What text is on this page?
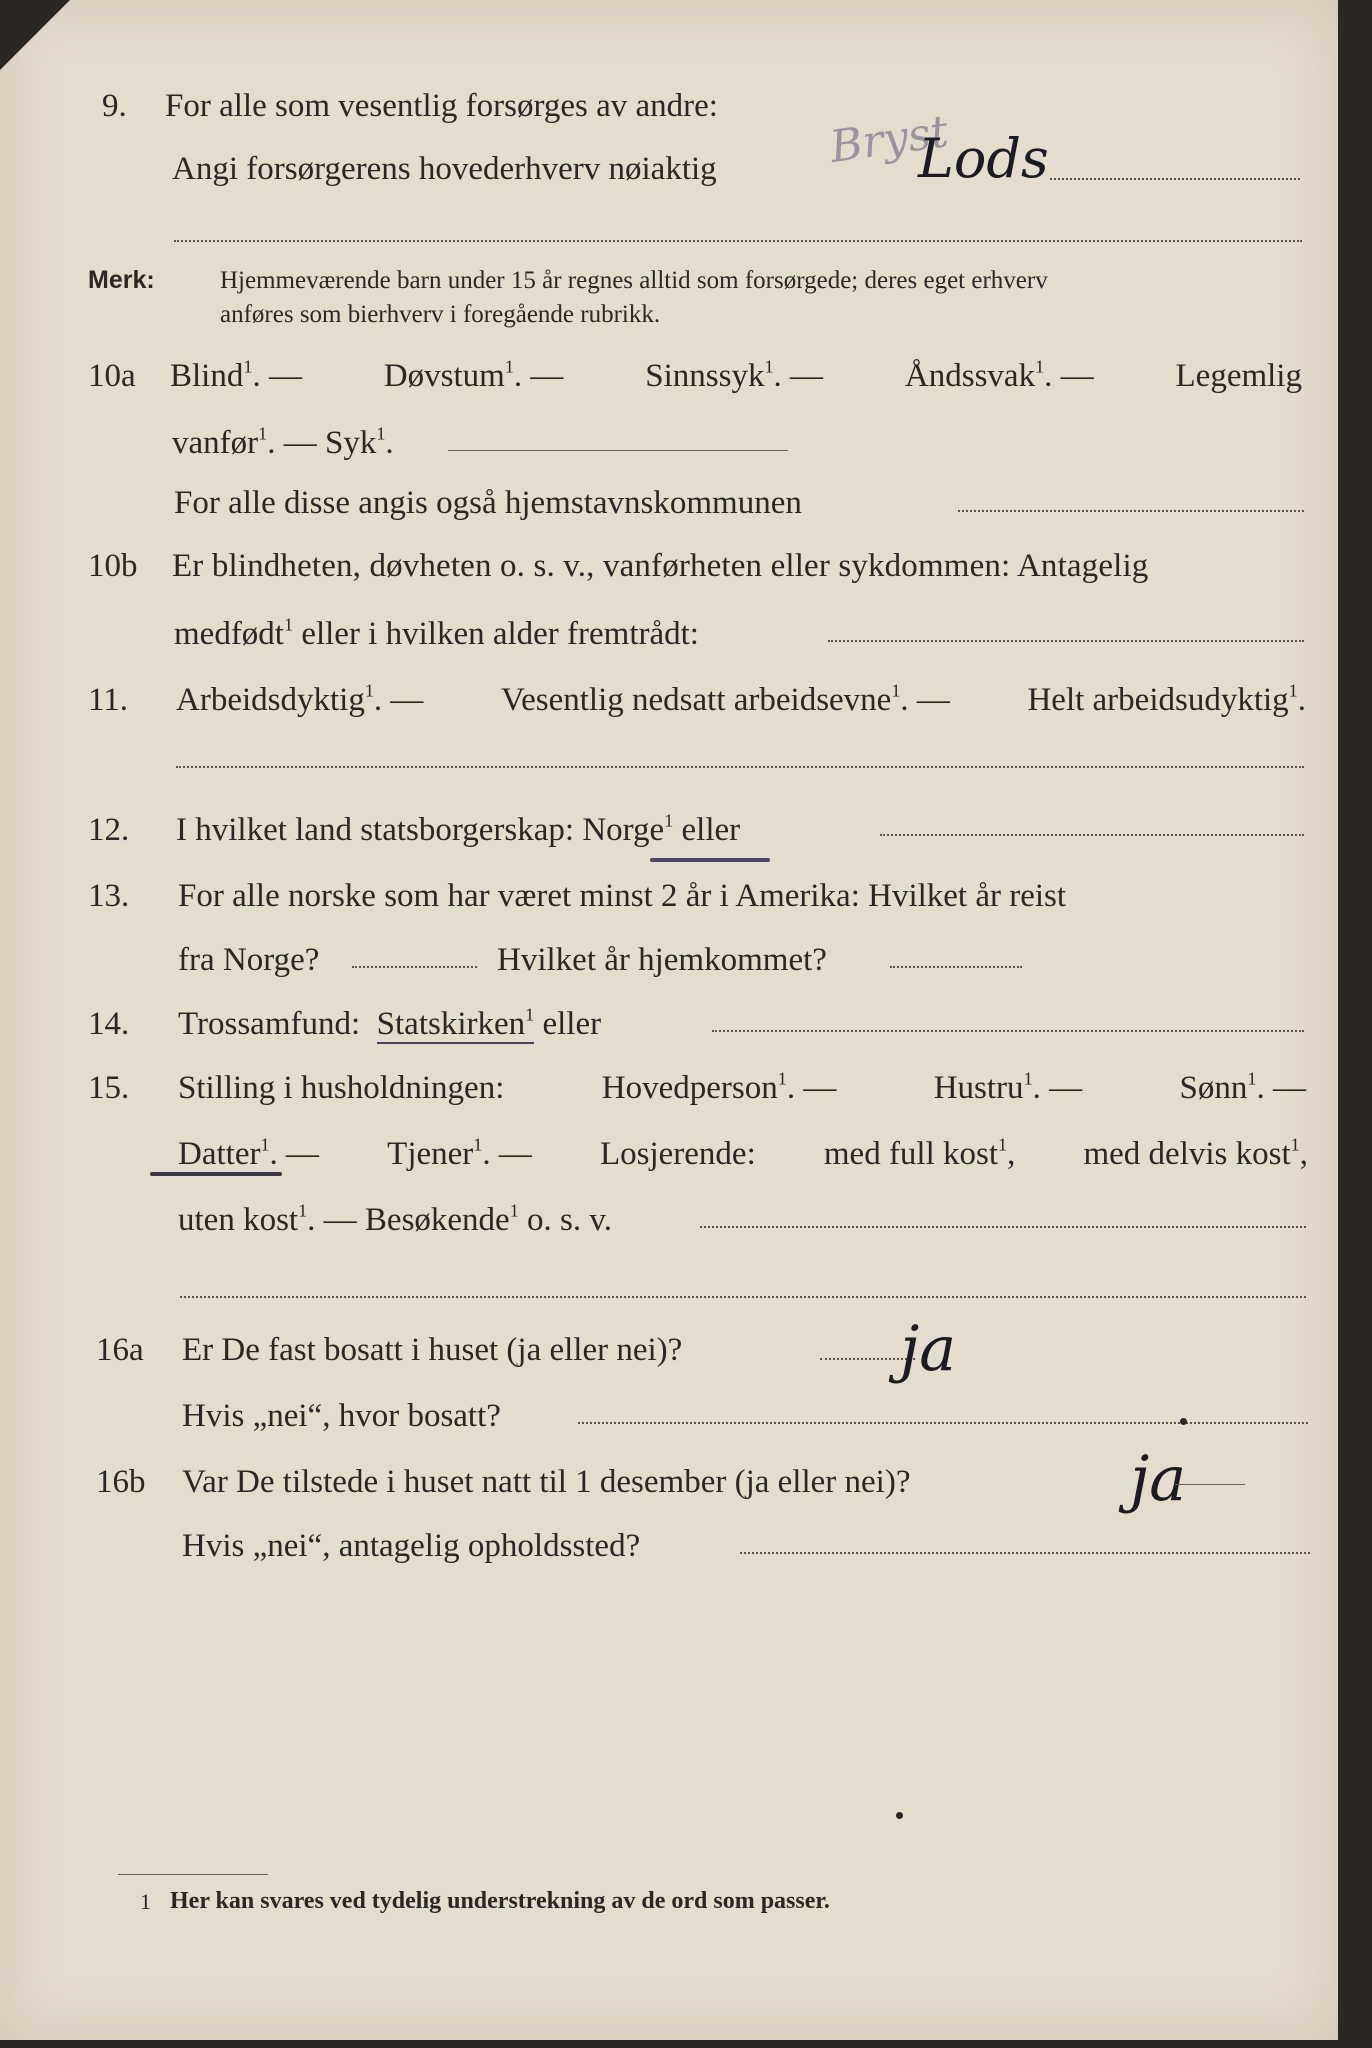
9. For alle som vesentlig forsørges av andre:
Bryst
Angi forsørgerens hovederhverv nøiaktig	Lods
Merk:	Hjemmeværende barn under 15 år regnes alltid som forsørgede; deres eget erhverv
anføres som bierhverv i foregående rubrikk.
10a Blind$^1$. — Døvstum$^1$. — Sinnssyk$^1$. — Åndssvak$^1$. — Legemlig
vanfør$^1$. — Syk$^1$.
For alle disse angis også hjemstavnskommunen
10b Er blindheten, døvheten o. s. v., vanførheten eller sykdommen: Antagelig
medfødt$^1$ eller i hvilken alder fremtrådt:
11. Arbeidsdyktig$^1$. — Vesentlig nedsatt arbeidsevne$^1$. — Helt arbeidsudyktig$^1$.
12. I hvilket land statsborgerskap: Norge$^1$ eller
13. For alle norske som har været minst 2 år i Amerika: Hvilket år reist
fra Norge?	Hvilket år hjemkommet?
14. Trossamfund: Statskirken$^1$ eller
15. Stilling i husholdningen:	Hovedperson$^1$. —	Hustru$^1$. —	Sønn$^1$. —
Datter$^1$. — Tjener$^1$. — Losjerende: med full kost$^1$, med delvis kost$^1$,
uten kost$^1$. — Besøkende$^1$ o. s. v.
16a Er De fast bosatt i huset (ja eller nei)?	ja
Hvis „nei“, hvor bosatt?
16b Var De tilstede i huset natt til 1 desember (ja eller nei)?	ja
Hvis „nei“, antagelig opholdssted?
1 Her kan svares ved tydelig understrekning av de ord som passer.
